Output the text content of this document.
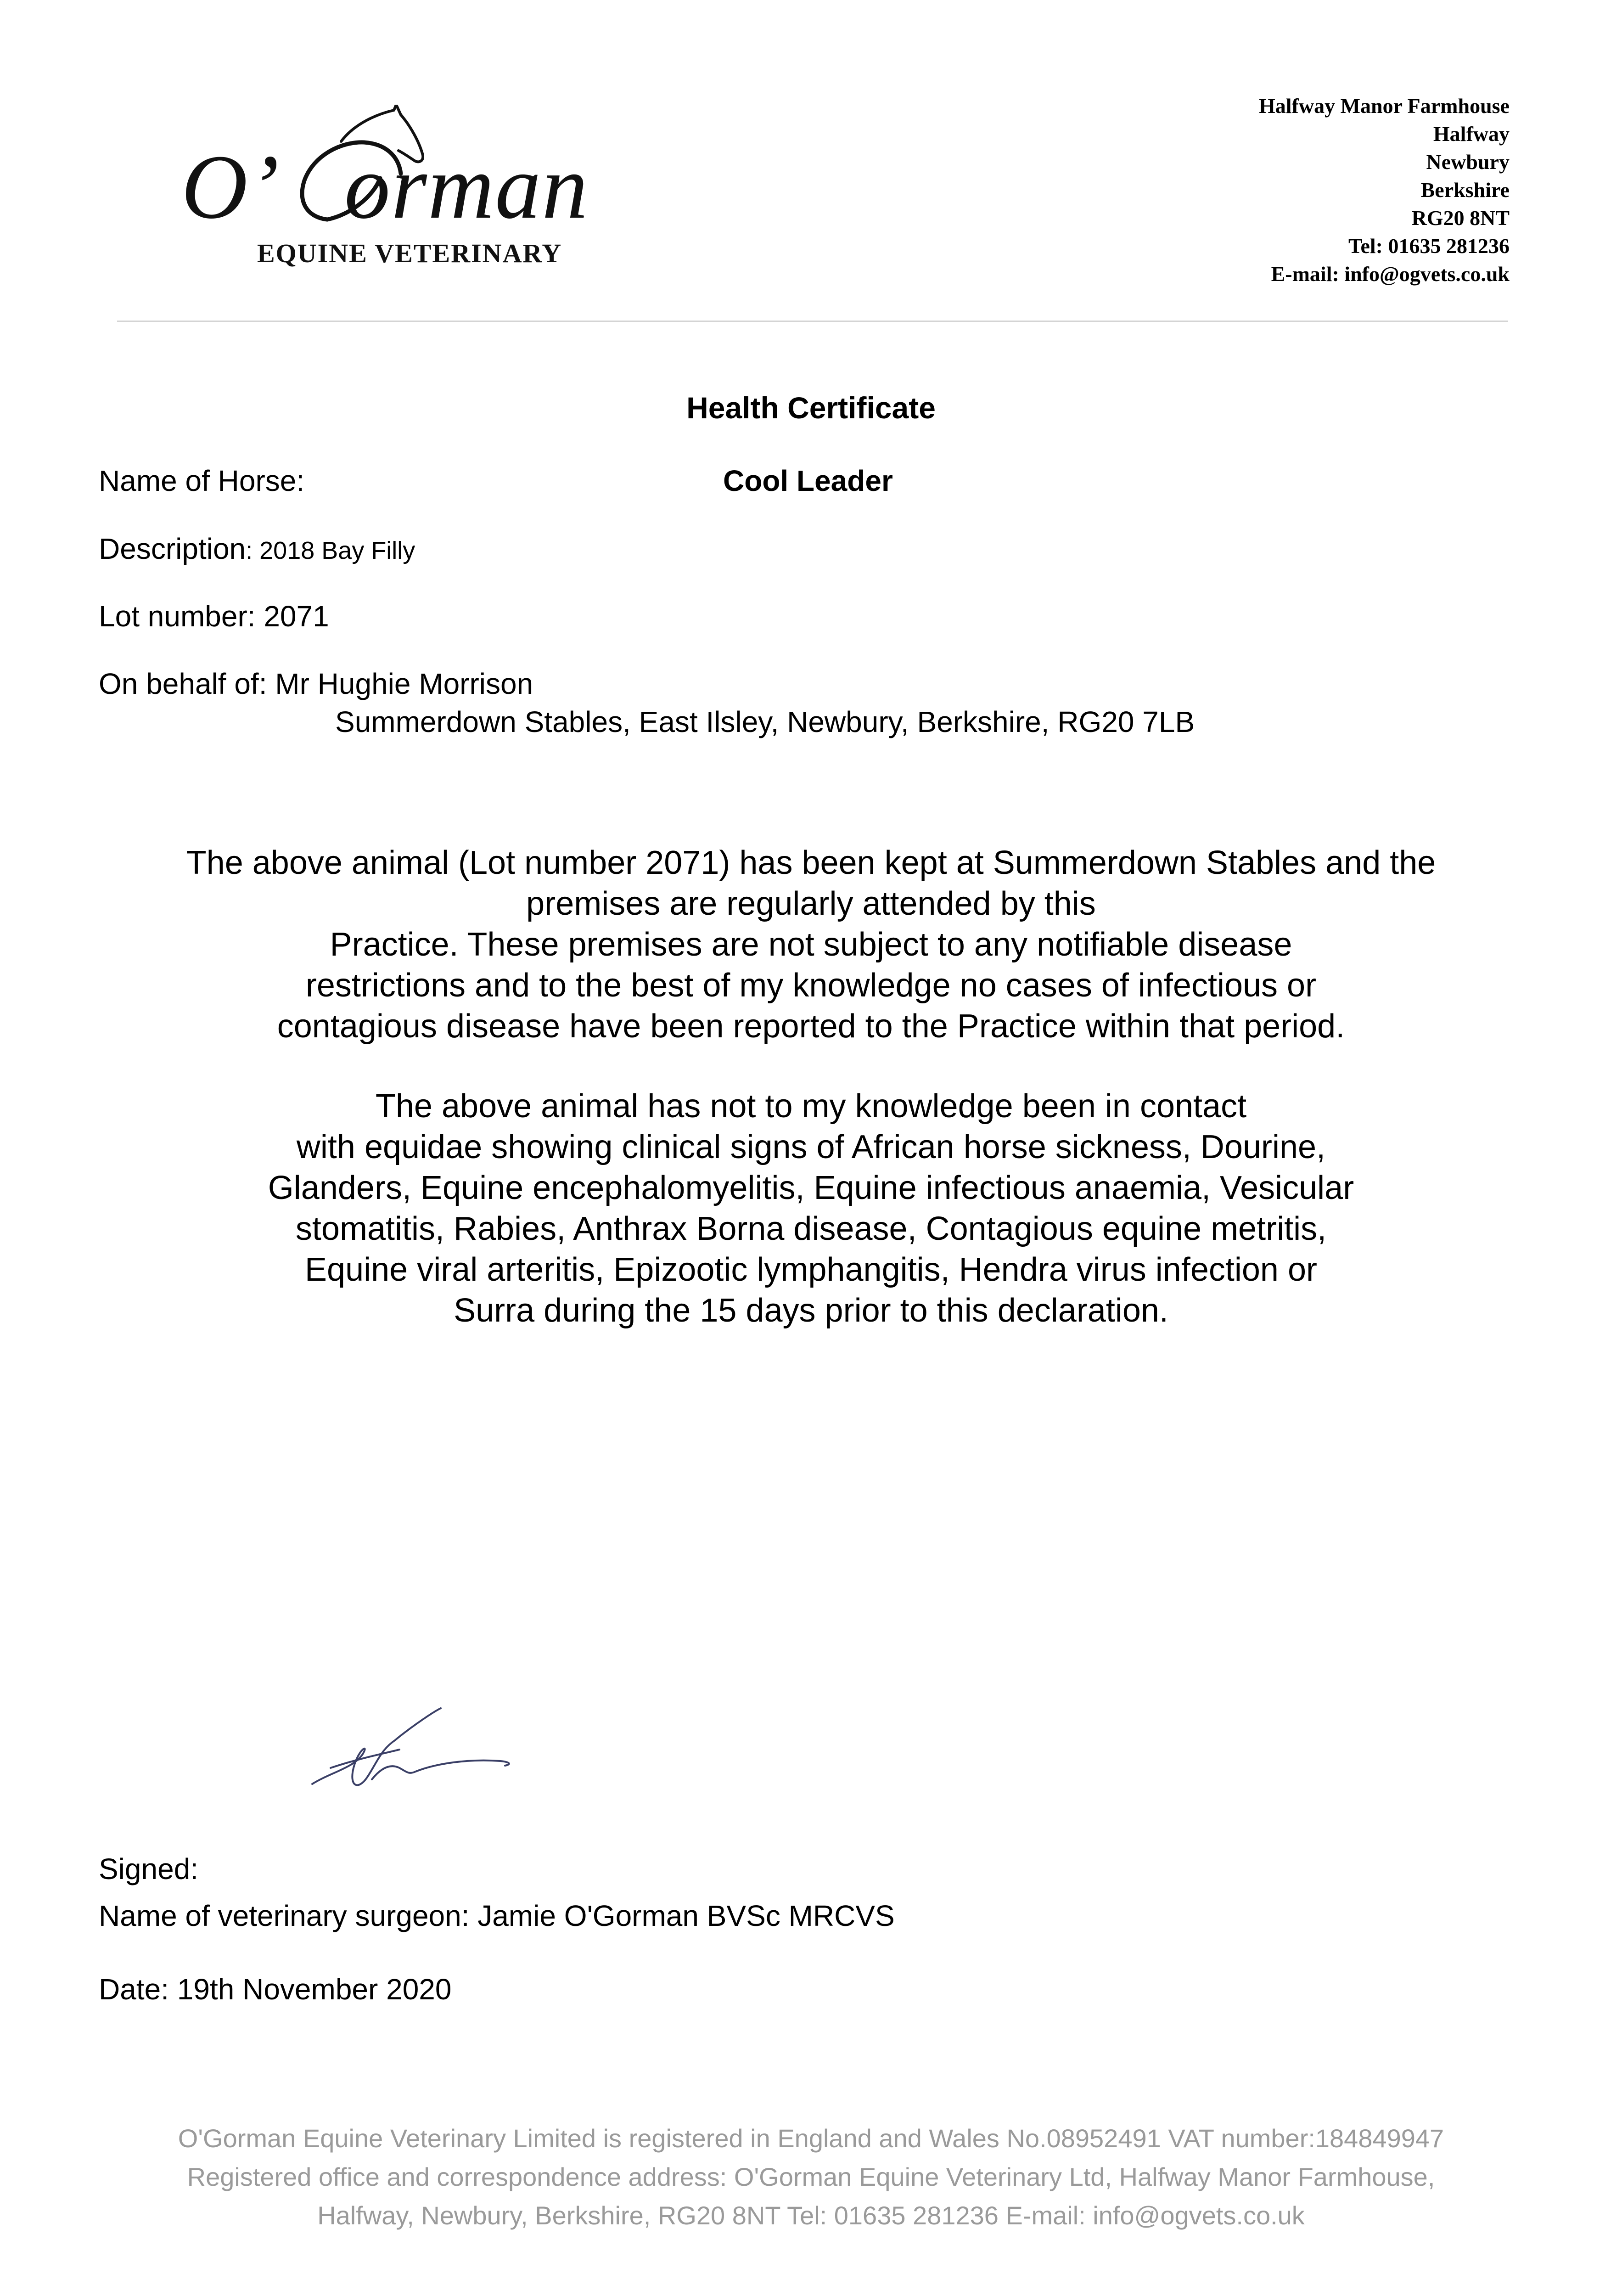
O’ orman
EQUINE VETERINARY
Halfway Manor Farmhouse
Halfway
Newbury
Berkshire
RG20 8NT
Tel: 01635 281236
E-mail: info@ogvets.co.uk
Health Certificate
Name of Horse:	Cool Leader
Description: 2018 Bay Filly
Lot number: 2071
On behalf of: Mr Hughie Morrison
Summerdown Stables, East Ilsley, Newbury, Berkshire, RG20 7LB
The above animal (Lot number 2071) has been kept at Summerdown Stables and the
premises are regularly attended by this
Practice. These premises are not subject to any notifiable disease
restrictions and to the best of my knowledge no cases of infectious or
contagious disease have been reported to the Practice within that period.
The above animal has not to my knowledge been in contact
with equidae showing clinical signs of African horse sickness, Dourine,
Glanders, Equine encephalomyelitis, Equine infectious anaemia, Vesicular
stomatitis, Rabies, Anthrax Borna disease, Contagious equine metritis,
Equine viral arteritis, Epizootic lymphangitis, Hendra virus infection or
Surra during the 15 days prior to this declaration.
Signed:
Name of veterinary surgeon: Jamie O'Gorman BVSc MRCVS
Date: 19th November 2020
O'Gorman Equine Veterinary Limited is registered in England and Wales No.08952491 VAT number:184849947
Registered office and correspondence address: O'Gorman Equine Veterinary Ltd, Halfway Manor Farmhouse,
Halfway, Newbury, Berkshire, RG20 8NT Tel: 01635 281236 E-mail: info@ogvets.co.uk
